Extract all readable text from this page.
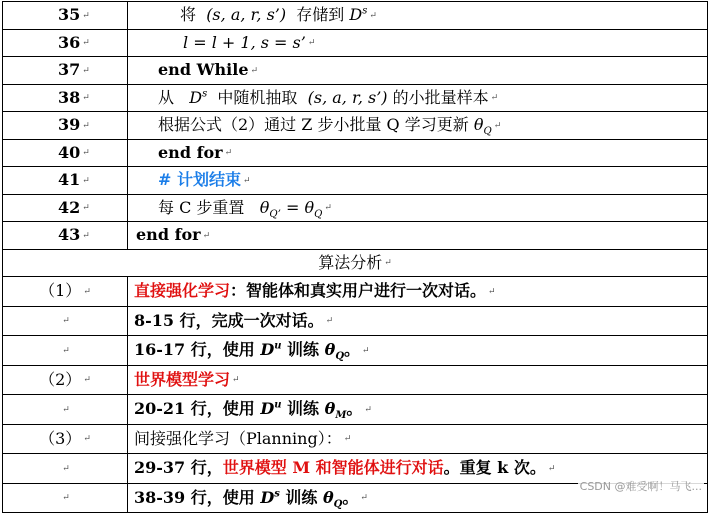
35 ↵	将 (s, a, r, s’) 存储到 $D^s$ ↵
36 ↵	l = l + 1, s = s’ ↵
37 ↵	end While ↵
38 ↵	从 $D^s$ 中随机抽取 (s, a, r, s’) 的小批量样本 ↵
39 ↵	根据公式（2）通过 Z 步小批量 Q 学习更新 $\theta_Q↵$
40 ↵	end for ↵
41 ↵	# 计划结束 ↵
42 ↵	每 C 步重置 $\theta_{Q’}$ = $\theta_Q↵$
43 ↵	end for ↵
算法分析 ↵	
（1） ↵	直接强化学习：智能体和真实用户进行一次对话。 ↵
↵	8-15 行，完成一次对话。 ↵
↵	16-17 行，使用 $D^u$ 训练 $\theta_Q$。 ↵
（2） ↵	世界模型学习 ↵
↵	20-21 行，使用 $D^u$ 训练 $\theta_M$。 ↵
（3） ↵	间接强化学习（Planning）： ↵
↵	29-37 行，世界模型 M 和智能体进行对话。重复 k 次。 ↵
↵	38-39 行，使用 $D^s$ 训练 $\theta_Q$。 ↵
CSDN @难受啊！马飞...
